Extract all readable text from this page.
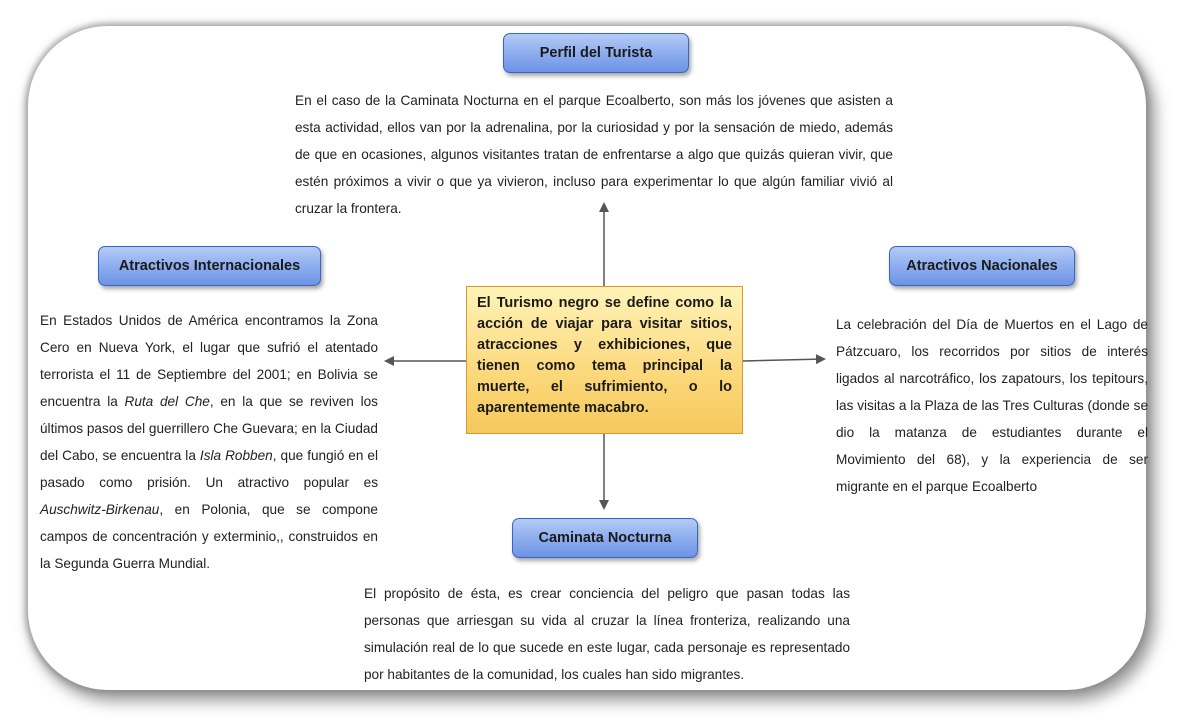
Perfil del Turista

En el caso de la Caminata Nocturna en el parque Ecoalberto, son más los jóvenes que asisten a esta actividad, ellos van por la adrenalina, por la curiosidad y por la sensación de miedo, además de que en ocasiones, algunos visitantes tratan de enfrentarse a algo que quizás quieran vivir, que estén próximos a vivir o que ya vivieron, incluso para experimentar lo que algún familiar vivió al cruzar la frontera.

Atractivos Internacionales

En Estados Unidos de América encontramos la Zona Cero en Nueva York, el lugar que sufrió el atentado terrorista el 11 de Septiembre del 2001; en Bolivia se encuentra la Ruta del Che, en la que se reviven los últimos pasos del guerrillero Che Guevara; en la Ciudad del Cabo, se encuentra la Isla Robben, que fungió en el pasado como prisión. Un atractivo popular es Auschwitz-Birkenau, en Polonia, que se compone campos de concentración y exterminio,, construidos en la Segunda Guerra Mundial.

El Turismo negro se define como la acción de viajar para visitar sitios, atracciones y exhibiciones, que tienen como tema principal la muerte, el sufrimiento, o lo aparentemente macabro.
Atractivos Nacionales

La celebración del Día de Muertos en el Lago de Pátzcuaro, los recorridos por sitios de interés ligados al narcotráfico, los zapatours, los tepitours, las visitas a la Plaza de las Tres Culturas (donde se dio la matanza de estudiantes durante el Movimiento del 68), y la experiencia de ser migrante en el parque Ecoalberto

Caminata Nocturna

El propósito de ésta, es crear conciencia del peligro que pasan todas las personas que arriesgan su vida al cruzar la línea fronteriza, realizando una simulación real de lo que sucede en este lugar, cada personaje es representado por habitantes de la comunidad, los cuales han sido migrantes.
